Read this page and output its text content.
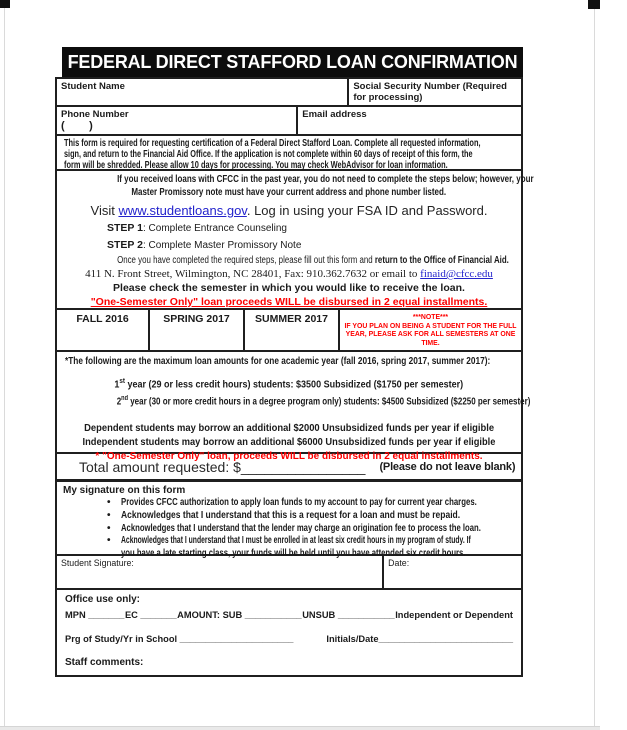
FEDERAL DIRECT STAFFORD LOAN CONFIRMATION FORM
Student Name	Social Security Number (Required for processing)
Phone Number
(        )
Email address
This form is required for requesting certification of a Federal Direct Stafford Loan. Complete all requested information,
sign, and return to the Financial Aid Office. If the application is not complete within 60 days of receipt of this form, the
form will be shredded. Please allow 10 days for processing. You may check WebAdvisor for loan information.
If you received loans with CFCC in the past year, you do not need to complete the steps below; however, your
Master Promissory note must have your current address and phone number listed.
Visit www.studentloans.gov. Log in using your FSA ID and Password.
STEP 1: Complete Entrance Counseling
STEP 2: Complete Master Promissory Note
Once you have completed the required steps, please fill out this form and return to the Office of Financial Aid.
411 N. Front Street, Wilmington, NC 28401, Fax: 910.362.7632 or email to finaid@cfcc.edu
Please check the semester in which you would like to receive the loan.
"One-Semester Only" loan proceeds WILL be disbursed in 2 equal installments.
FALL 2016	SPRING 2017	SUMMER 2017	***NOTE***
IF YOU PLAN ON BEING A STUDENT FOR THE FULL
YEAR, PLEASE ASK FOR ALL SEMESTERS AT ONE TIME.
*The following are the maximum loan amounts for one academic year (fall 2016, spring 2017, summer 2017):
1st year (29 or less credit hours) students: $3500 Subsidized ($1750 per semester)
2nd year (30 or more credit hours in a degree program only) students: $4500 Subsidized ($2250 per semester)
Dependent students may borrow an additional $2000 Unsubsidized funds per year if eligible
Independent students may borrow an additional $6000 Unsubsidized funds per year if eligible
* "One-Semester Only" loan, proceeds WILL be disbursed in 2 equal installments.
Total amount requested: $ ________________ (Please do not leave blank)
My signature on this form
•	Provides CFCC authorization to apply loan funds to my account to pay for current year charges.
•	Acknowledges that I understand that this is a request for a loan and must be repaid.
•	Acknowledges that I understand that the lender may charge an origination fee to process the loan.
•	Acknowledges that I understand that I must be enrolled in at least six credit hours in my program of study. If
you have a late starting class, your funds will be held until you have attended six credit hours.
Student Signature:	Date:
Office use only:
MPN _______ EC _______ AMOUNT: SUB ___________ UNSUB ___________ Independent or Dependent
Prg of Study/Yr in School ______________________	Initials/Date__________________________
Staff comments:
